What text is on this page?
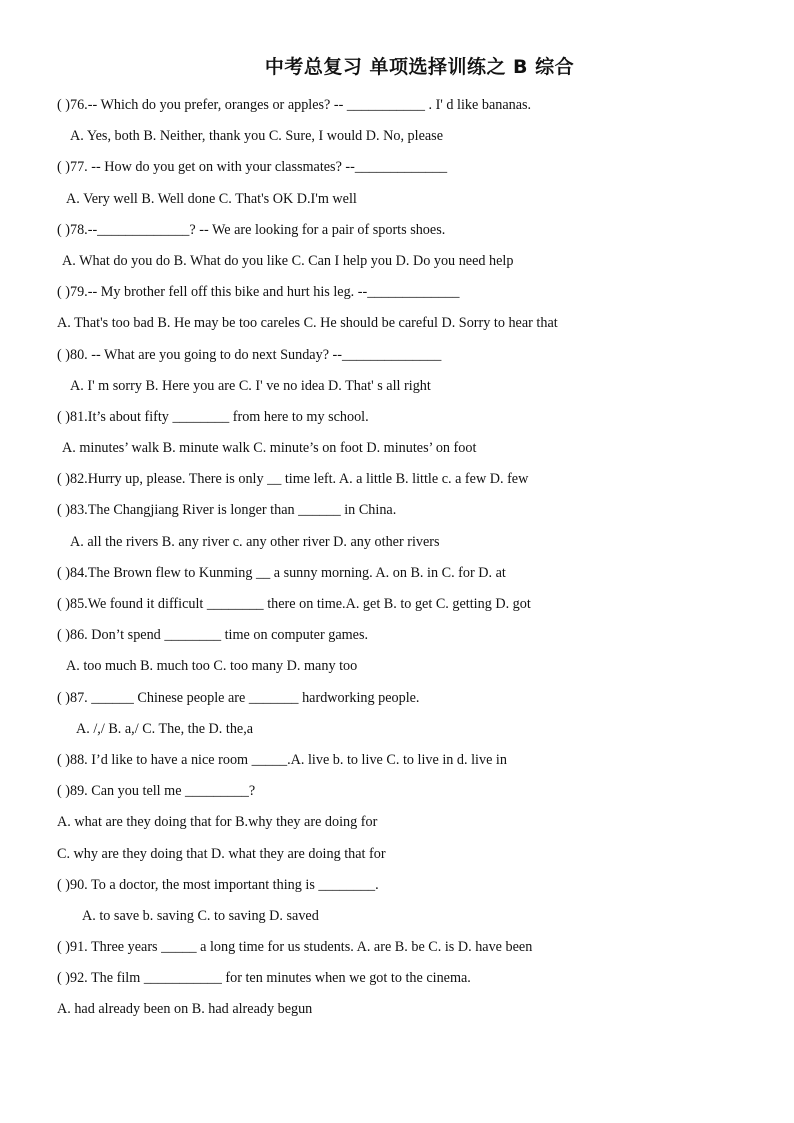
中考总复习 单项选择训练之 B 综合
( )76.-- Which do you prefer, oranges or apples? -- ___________ . I' d like bananas.
A. Yes, both B. Neither, thank you C. Sure, I would D. No, please
( )77. -- How do you get on with your classmates? --_____________
A. Very well B. Well done C. That's OK D.I'm well
( )78.--_____________? -- We are looking for a pair of sports shoes.
A. What do you do B. What do you like C. Can I help you D. Do you need help
( )79.-- My brother fell off this bike and hurt his leg. --_____________
A. That's too bad B. He may be too careles C. He should be careful D. Sorry to hear that
( )80. -- What are you going to do next Sunday? --______________
A. I' m sorry B. Here you are C. I' ve no idea D. That' s all right
( )81.It’s about fifty ________ from here to my school.
A. minutes’ walk B. minute walk C. minute’s on foot D. minutes’ on foot
( )82.Hurry up, please. There is only __ time left. A. a little B. little c. a few D. few
( )83.The Changjiang River is longer than ______ in China.
A. all the rivers B. any river c. any other river D. any other rivers
( )84.The Brown flew to Kunming __ a sunny morning. A. on B. in C. for D. at
( )85.We found it difficult ________ there on time.A. get B. to get C. getting D. got
( )86. Don’t spend ________ time on computer games.
A. too much B. much too C. too many D. many too
( )87. ______ Chinese people are _______ hardworking people.
A. /,/ B. a,/ C. The, the D. the,a
( )88. I’d like to have a nice room _____.A. live b. to live C. to live in d. live in
( )89. Can you tell me _________?
A. what are they doing that for B.why they are doing for
C. why are they doing that D. what they are doing that for
( )90. To a doctor, the most important thing is ________.
A. to save b. saving C. to saving D. saved
( )91. Three years _____ a long time for us students. A. are B. be C. is D. have been
( )92. The film ___________ for ten minutes when we got to the cinema.
A. had already been on B. had already begun
